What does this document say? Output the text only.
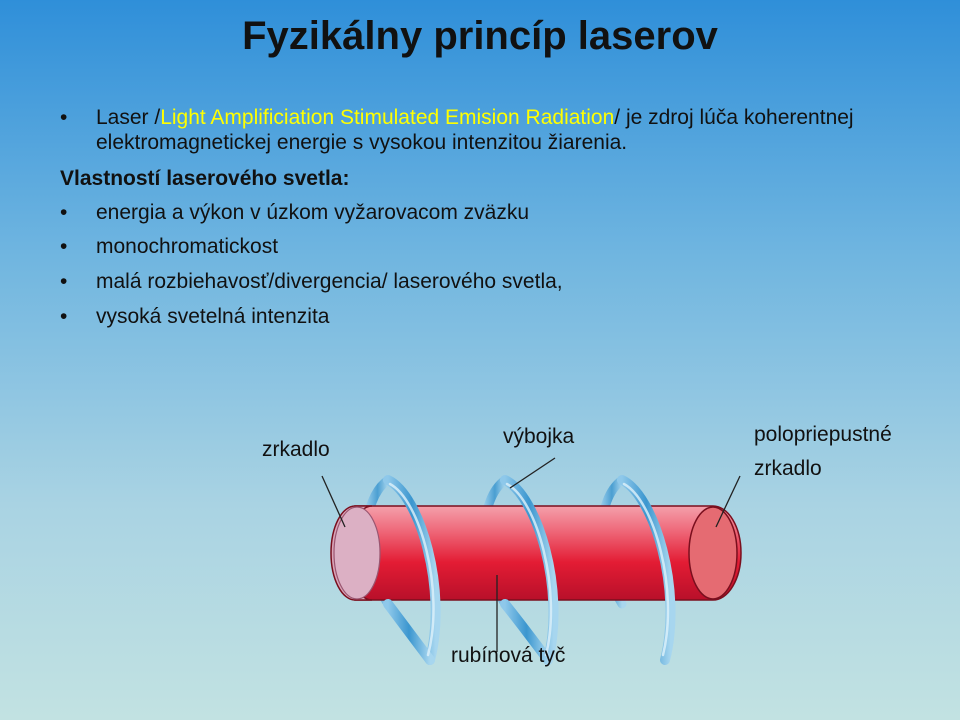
Fyzikálny princíp laserov
• Laser /Light Amplificiation Stimulated Emision Radiation/ je zdroj lúča koherentnej elektromagnetickej energie s vysokou intenzitou žiarenia.
Vlastností laserového svetla:
• energia a výkon v úzkom vyžarovacom zväzku
• monochromatickost
• malá rozbiehavosť/divergencia/ laserového svetla,
• vysoká svetelná intenzita
zrkadlo
výbojka	polopriepustné
zrkadlo
rubínová tyč
